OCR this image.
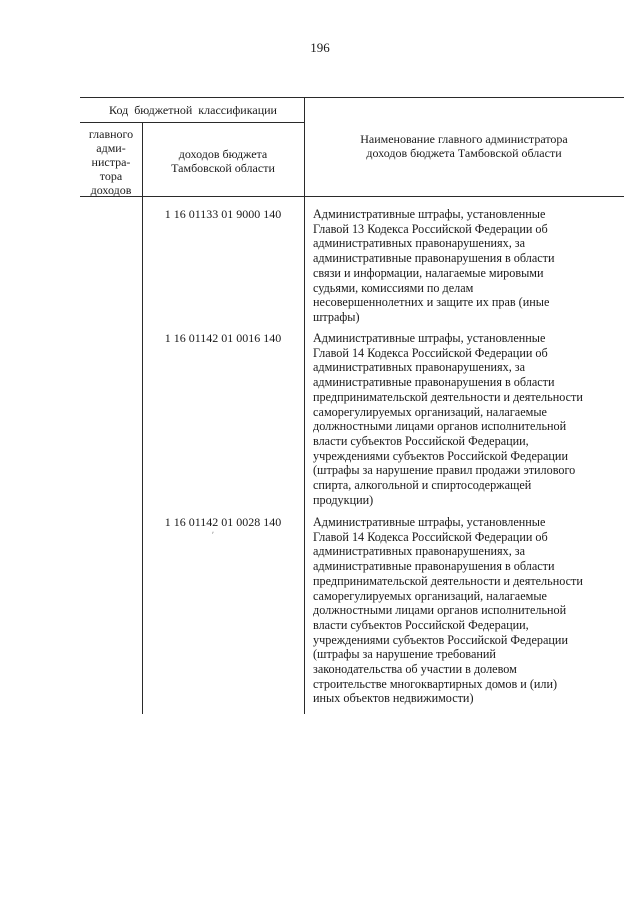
196
Код бюджетной классификации
главного
адми-
нистра-
тора
доходов
доходов бюджета
Тамбовской области
Наименование главного администратора
доходов бюджета Тамбовской области
1 16 01133 01 9000 140	Административные штрафы, установленные
Главой 13 Кодекса Российской Федерации об
административных правонарушениях, за
административные правонарушения в области
связи и информации, налагаемые мировыми
судьями, комиссиями по делам
несовершеннолетних и защите их прав (иные
штрафы)
1 16 01142 01 0016 140	Административные штрафы, установленные
Главой 14 Кодекса Российской Федерации об
административных правонарушениях, за
административные правонарушения в области
предпринимательской деятельности и деятельности
саморегулируемых организаций, налагаемые
должностными лицами органов исполнительной
власти субъектов Российской Федерации,
учреждениями субъектов Российской Федерации
(штрафы за нарушение правил продажи этилового
спирта, алкогольной и спиртосодержащей
продукции)
1 16 01142 01 0028 140
ʹ
Административные штрафы, установленные
Главой 14 Кодекса Российской Федерации об
административных правонарушениях, за
административные правонарушения в области
предпринимательской деятельности и деятельности
саморегулируемых организаций, налагаемые
должностными лицами органов исполнительной
власти субъектов Российской Федерации,
учреждениями субъектов Российской Федерации
(штрафы за нарушение требований
законодательства об участии в долевом
строительстве многоквартирных домов и (или)
иных объектов недвижимости)
